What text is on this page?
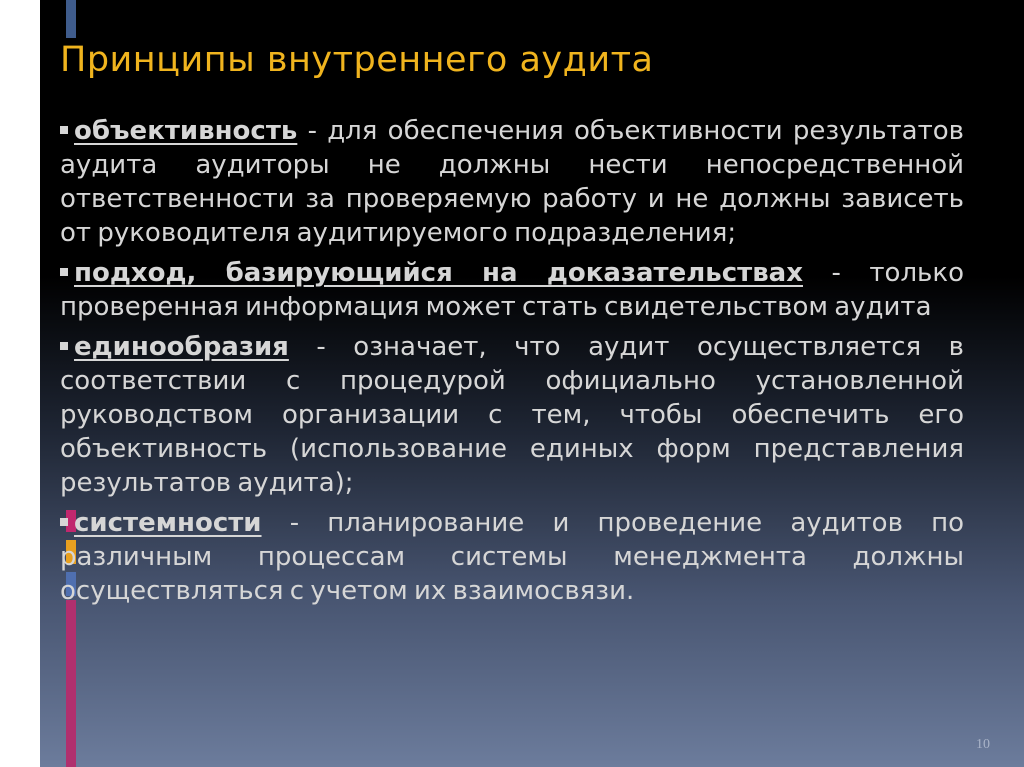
Принципы внутреннего аудита

объективность - для обеспечения объективности результатов аудита аудиторы не должны нести непосредственной ответственности за проверяемую работу и не должны зависеть от руководителя аудитируемого подразделения;

подход, базирующийся на доказательствах - только проверенная информация может стать свидетельством аудита

единообразия - означает, что аудит осуществляется в соответствии с процедурой официально установленной руководством организации с тем, чтобы обеспечить его объективность (использование единых форм представления результатов аудита);

системности - планирование и проведение аудитов по различным процессам системы менеджмента должны осуществляться с учетом их взаимосвязи.

10
